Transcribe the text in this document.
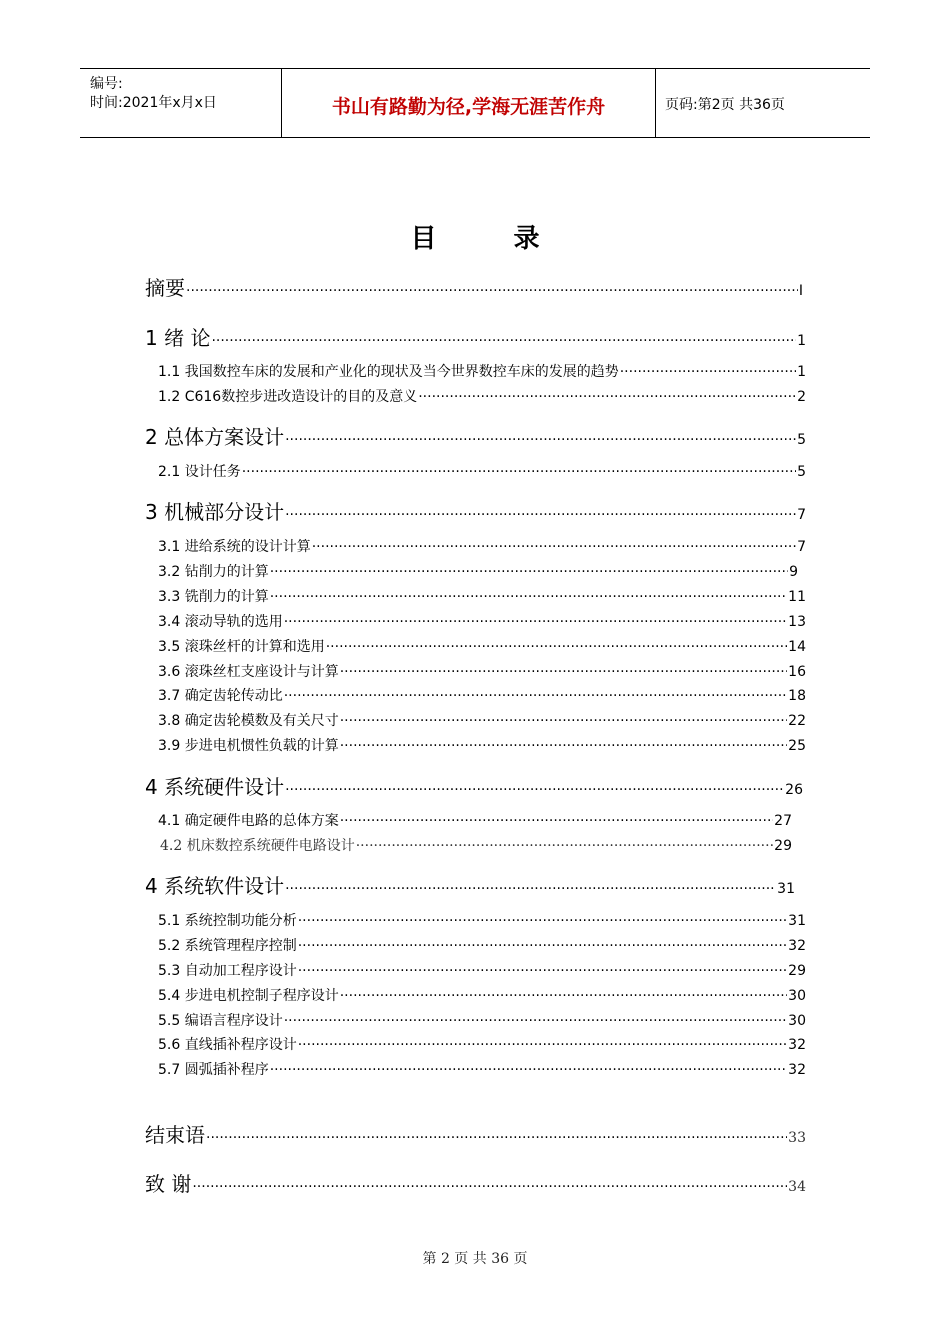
编号:
时间:2021年x月x日	书山有路勤为径,学海无涯苦作舟	页码:第2页 共36页
目 录
摘要 ·····	I
1 绪 论 ·····	1
1.1 我国数控车床的发展和产业化的现状及当今世界数控车床的发展的趋势 ·····	1
1.2 C616数控步进改造设计的目的及意义 ·····	2
2 总体方案设计 ·····	5
2.1 设计任务 ·····	5
3 机械部分设计 ·····	7
3.1 进给系统的设计计算 ·····	7
3.2 钻削力的计算 ·····	9
3.3 铣削力的计算 ·····	11
3.4 滚动导轨的选用 ·····	13
3.5 滚珠丝杆的计算和选用 ·····	14
3.6 滚珠丝杠支座设计与计算 ·····	16
3.7 确定齿轮传动比 ·····	18
3.8 确定齿轮模数及有关尺寸 ·····	22
3.9 步进电机惯性负载的计算 ·····	25
4 系统硬件设计 ·····	26
4.1 确定硬件电路的总体方案 ·····	27
4.2 机床数控系统硬件电路设计 ·····	29
4 系统软件设计 ·····	31
5.1 系统控制功能分析 ·····	31
5.2 系统管理程序控制 ·····	32
5.3 自动加工程序设计 ·····	29
5.4 步进电机控制子程序设计 ·····	30
5.5 编语言程序设计 ·····	30
5.6 直线插补程序设计 ·····	32
5.7 圆弧插补程序 ·····	32
结束语 ·····	33
致 谢 ·····	34
第 2 页 共 36 页
